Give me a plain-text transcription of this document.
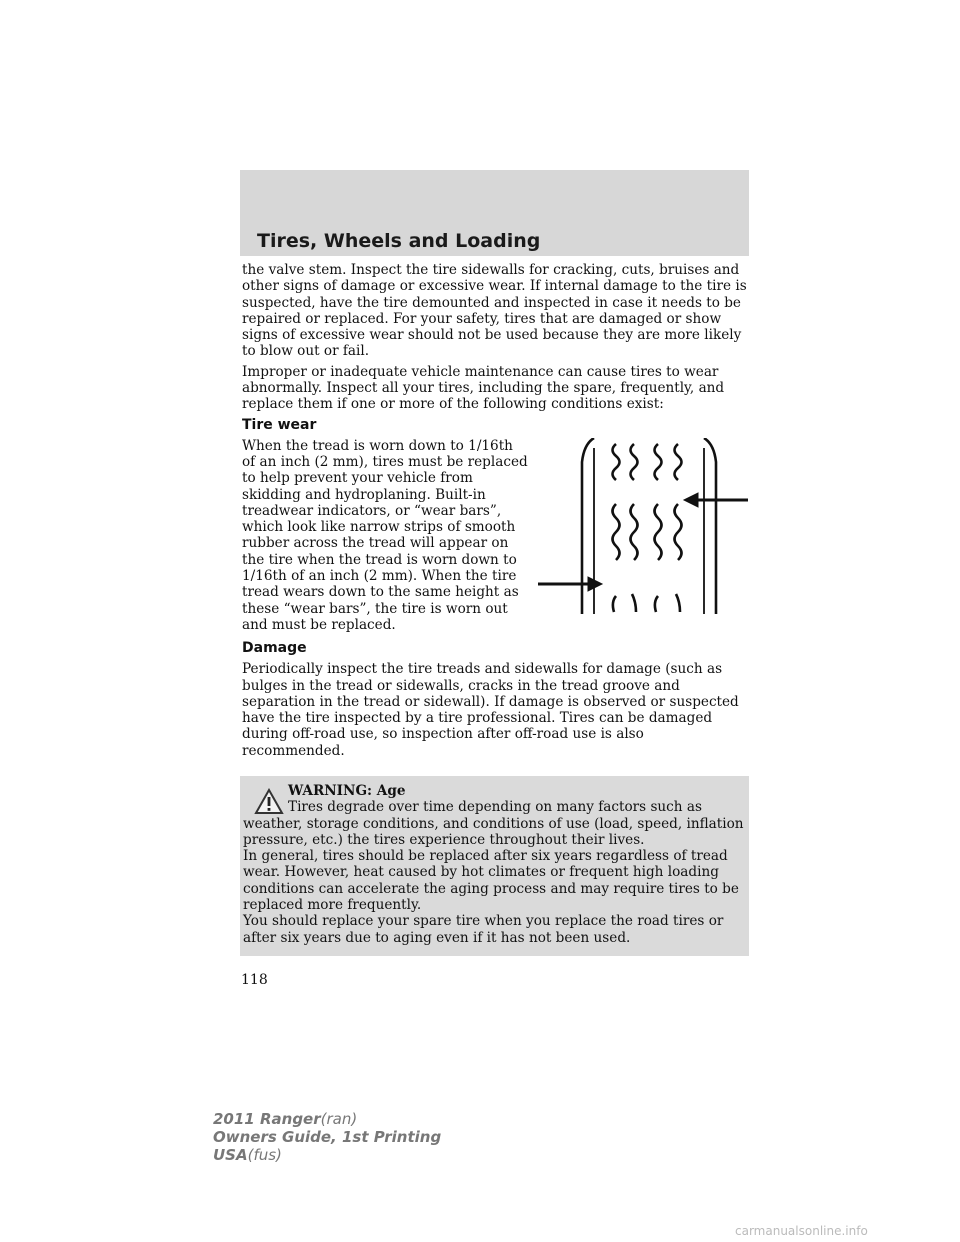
Tires, Wheels and Loading

the valve stem. Inspect the tire sidewalls for cracking, cuts, bruises and other signs of damage or excessive wear. If internal damage to the tire is suspected, have the tire demounted and inspected in case it needs to be repaired or replaced. For your safety, tires that are damaged or show signs of excessive wear should not be used because they are more likely to blow out or fail.

Improper or inadequate vehicle maintenance can cause tires to wear abnormally. Inspect all your tires, including the spare, frequently, and replace them if one or more of the following conditions exist:

Tire wear

When the tread is worn down to 1/16th of an inch (2 mm), tires must be replaced to help prevent your vehicle from skidding and hydroplaning. Built-in treadwear indicators, or “wear bars”, which look like narrow strips of smooth rubber across the tread will appear on the tire when the tread is worn down to 1/16th of an inch (2 mm). When the tire tread wears down to the same height as these “wear bars”, the tire is worn out and must be replaced.

Damage

Periodically inspect the tire treads and sidewalls for damage (such as bulges in the tread or sidewalls, cracks in the tread groove and separation in the tread or sidewall). If damage is observed or suspected have the tire inspected by a tire professional. Tires can be damaged during off-road use, so inspection after off-road use is also recommended.

WARNING: Age

Tires degrade over time depending on many factors such as weather, storage conditions, and conditions of use (load, speed, inflation pressure, etc.) the tires experience throughout their lives.

In general, tires should be replaced after six years regardless of tread wear. However, heat caused by hot climates or frequent high loading conditions can accelerate the aging process and may require tires to be replaced more frequently.

You should replace your spare tire when you replace the road tires or after six years due to aging even if it has not been used.

118
2011 Ranger(ran)
Owners Guide, 1st Printing
USA(fus)
carmanualsonline.info
